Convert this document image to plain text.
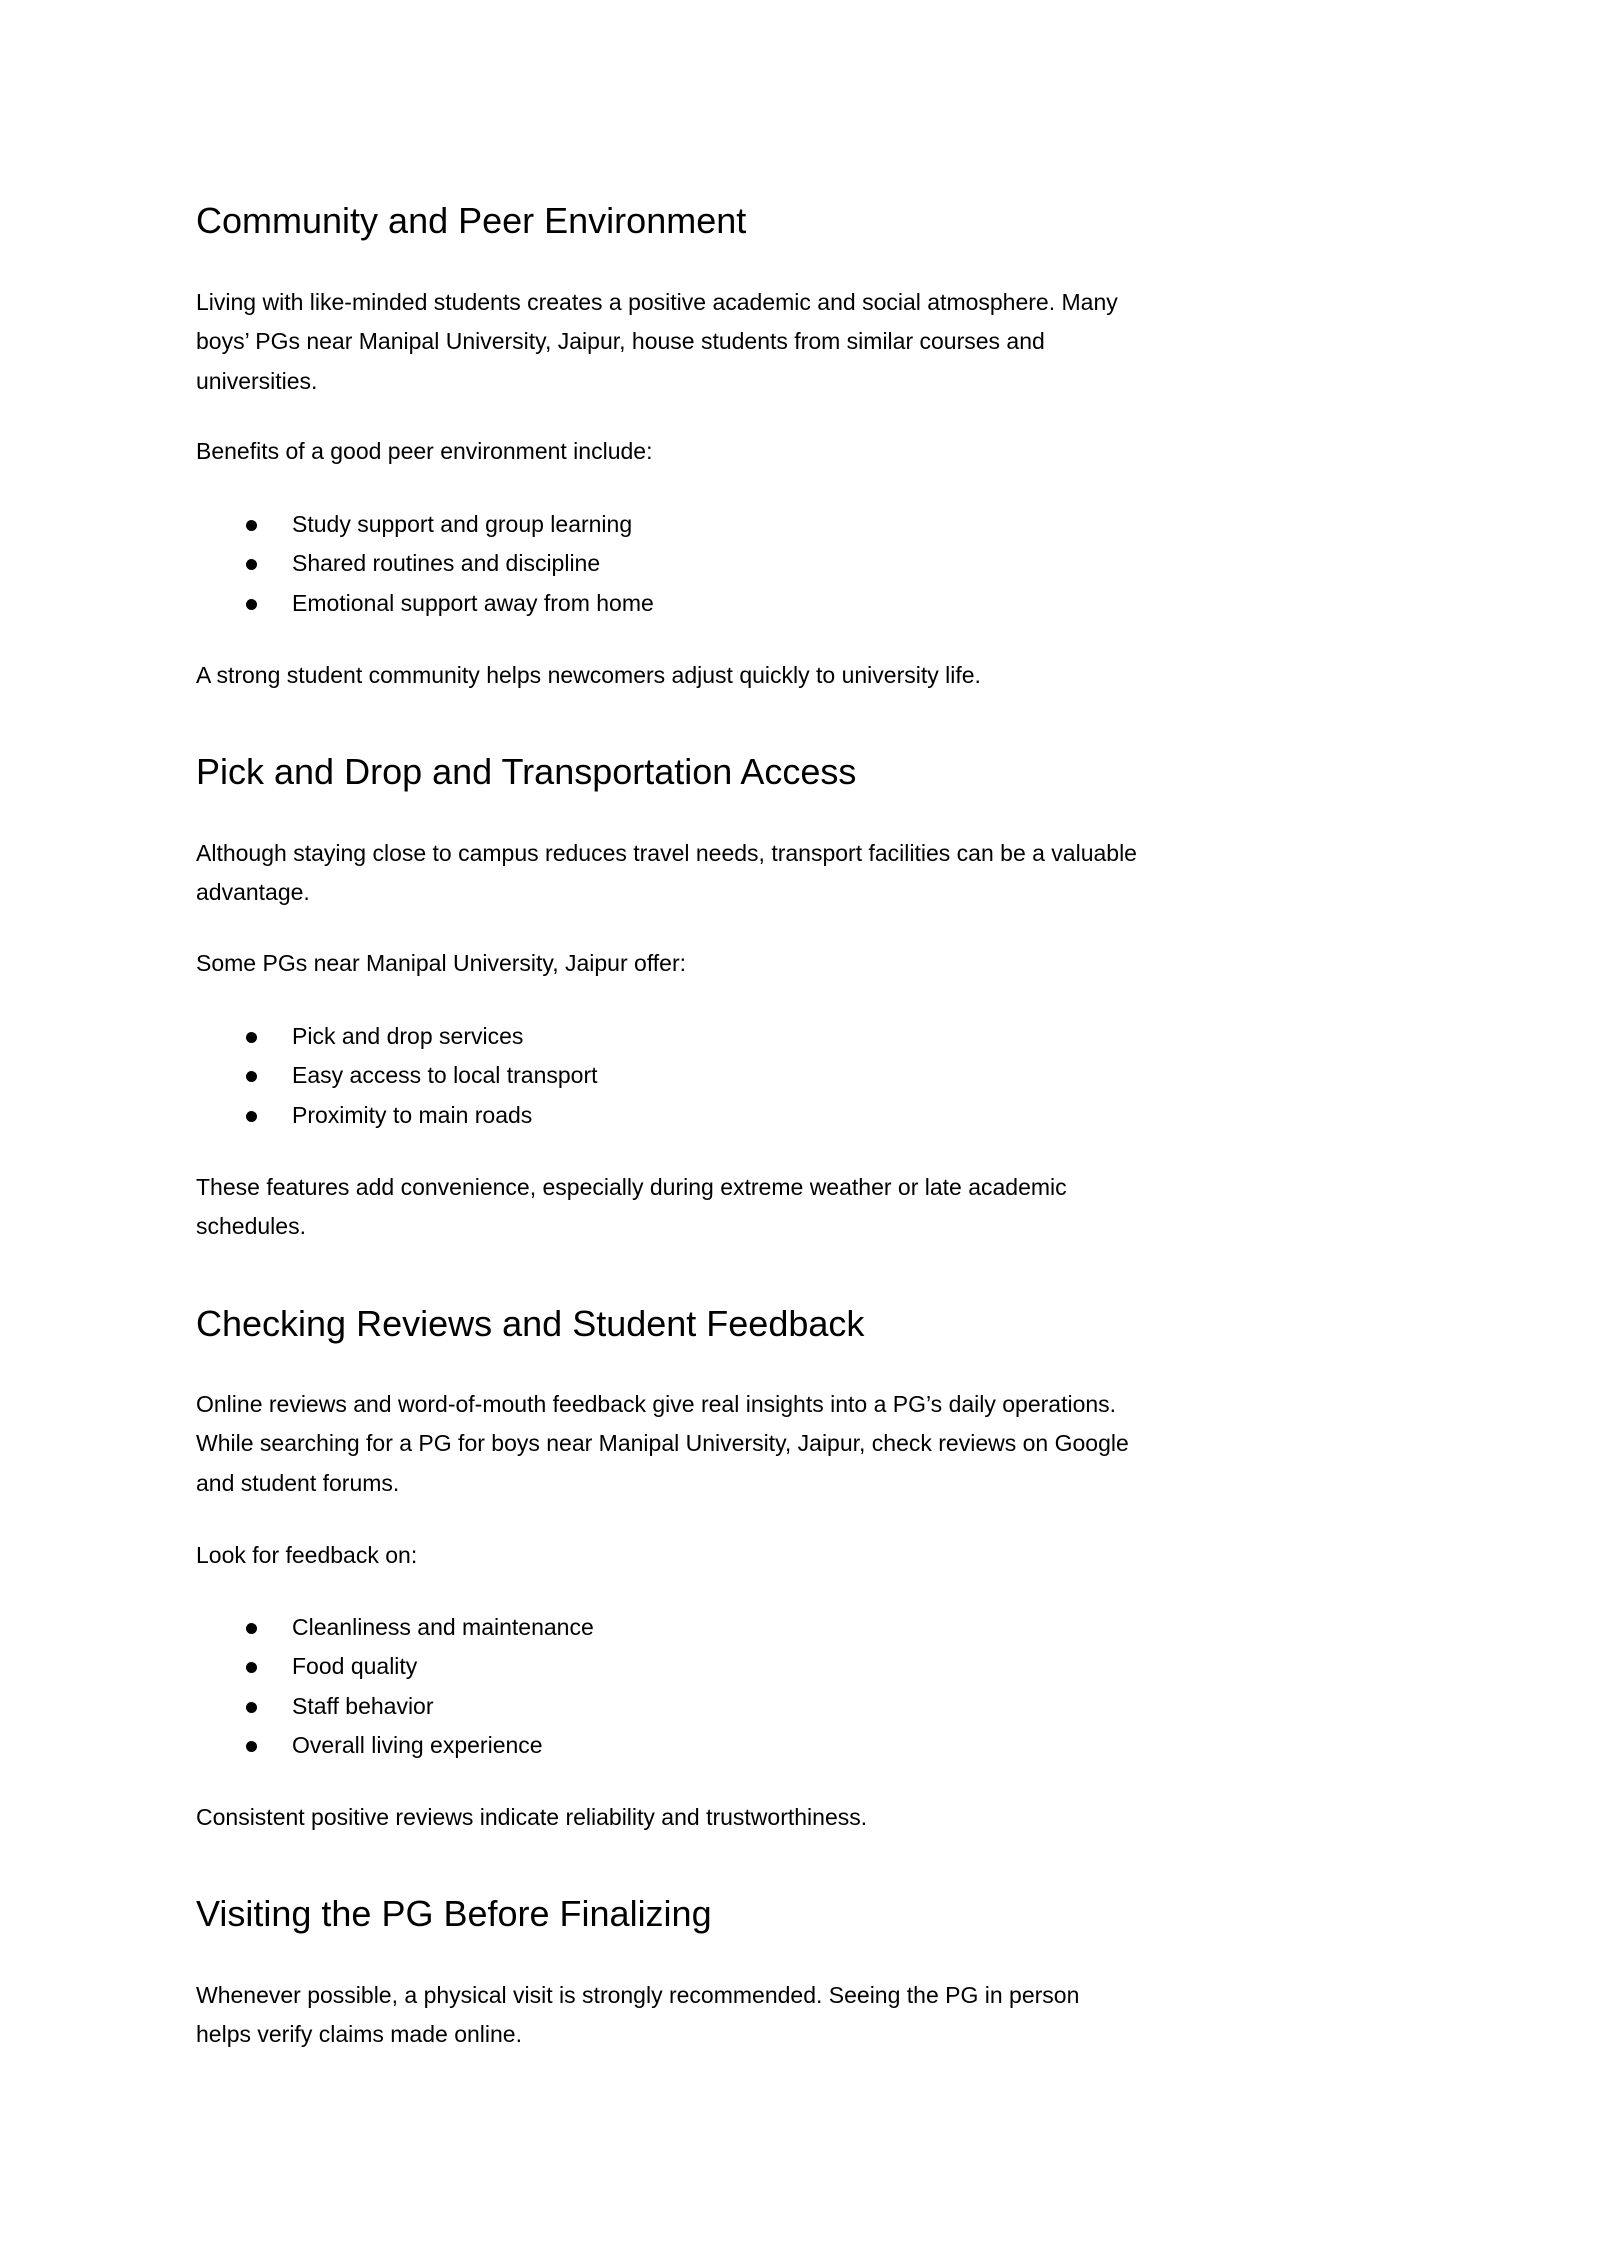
Community and Peer Environment
Living with like-minded students creates a positive academic and social atmosphere. Many
boys’ PGs near Manipal University, Jaipur, house students from similar courses and
universities.

Benefits of a good peer environment include:

Study support and group learning
Shared routines and discipline
Emotional support away from home
A strong student community helps newcomers adjust quickly to university life.
Pick and Drop and Transportation Access
Although staying close to campus reduces travel needs, transport facilities can be a valuable
advantage.

Some PGs near Manipal University, Jaipur offer:

Pick and drop services
Easy access to local transport
Proximity to main roads
These features add convenience, especially during extreme weather or late academic
schedules.
Checking Reviews and Student Feedback
Online reviews and word-of-mouth feedback give real insights into a PG’s daily operations.
While searching for a PG for boys near Manipal University, Jaipur, check reviews on Google
and student forums.

Look for feedback on:

Cleanliness and maintenance
Food quality
Staff behavior
Overall living experience
Consistent positive reviews indicate reliability and trustworthiness.
Visiting the PG Before Finalizing
Whenever possible, a physical visit is strongly recommended. Seeing the PG in person
helps verify claims made online.
